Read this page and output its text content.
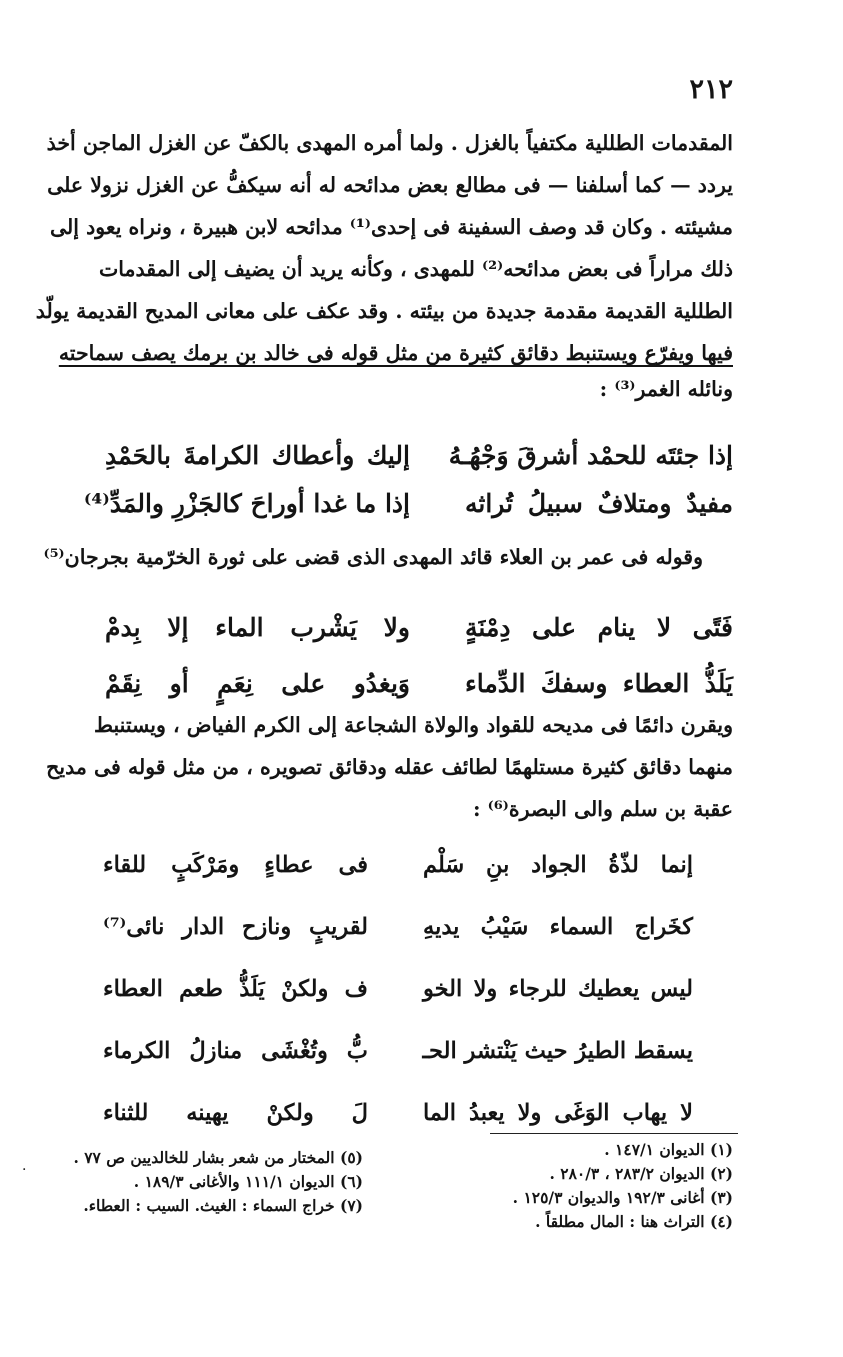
٢١٢
المقدمات الطللية مكتفياً بالغزل . ولما أمره المهدى بالكفّ عن الغزل الماجن أخذ
يردد — كما أسلفنا — فى مطالع بعض مدائحه له أنه سيكفُّ عن الغزل نزولا على
مشيئته . وكان قد وصف السفينة فى إحدى⁽¹⁾ مدائحه لابن هبيرة ، ونراه يعود إلى
ذلك مراراً فى بعض مدائحه⁽²⁾ للمهدى ، وكأنه يريد أن يضيف إلى المقدمات
الطللية القديمة مقدمة جديدة من بيئته . وقد عكف على معانى المديح القديمة يولّد
فيها ويفرّع ويستنبط دقائق كثيرة من مثل قوله فى خالد بن برمك يصف سماحته
ونائله الغمر⁽³⁾ :
إذا جئتَه للحمْد أشرقَ وَجْهُـهُ
إليك وأعطاك الكرامةَ بالحَمْدِ
مفيدٌ ومتلافٌ سبيلُ تُراثه
إذا ما غدا أوراحَ كالجَزْرِ والمَدِّ⁽⁴⁾
وقوله فى عمر بن العلاء قائد المهدى الذى قضى على ثورة الخرّمية بجرجان⁽⁵⁾
فَتًى لا ينام على دِمْنَةٍ
ولا يَشْرب الماء إلا بِدمْ
يَلَذُّ العطاء وسفكَ الدِّماء
وَيغدُو على نِعَمٍ أو نِقَمْ
ويقرن دائمًا فى مديحه للقواد والولاة الشجاعة إلى الكرم الفياض ، ويستنبط
منهما دقائق كثيرة مستلهمًا لطائف عقله ودقائق تصويره ، من مثل قوله فى مديح
عقبة بن سلم والى البصرة⁽⁶⁾ :
إنما لذّةُ الجواد بنِ سَلْم
فى عطاءٍ ومَرْكَبٍ للقاء
كخَراج السماء سَيْبُ يديهِ
لقريبٍ ونازح الدار نائى⁽⁷⁾
ليس يعطيك للرجاء ولا الخو
ف ولكنْ يَلَذُّ طعم العطاء
يسقط الطيرُ حيث يَنْتشر الحـ
بُّ وتُغْشَى منازلُ الكرماء
لا يهاب الوَغَى ولا يعبدُ الما
لَ ولكنْ يهينه للثناء
(١) الديوان ١٤٧/١ .
(٢) الديوان ٢٨٣/٢ ، ٢٨٠/٣ .
(٣) أغانى ١٩٢/٣ والديوان ١٢٥/٣ .
(٤) التراث هنا : المال مطلقاً .
(٥) المختار من شعر بشار للخالديين ص ٧٧ .
(٦) الديوان ١١١/١ والأغانى ١٨٩/٣ .
(٧) خراج السماء : الغيث. السيب : العطاء.
·
